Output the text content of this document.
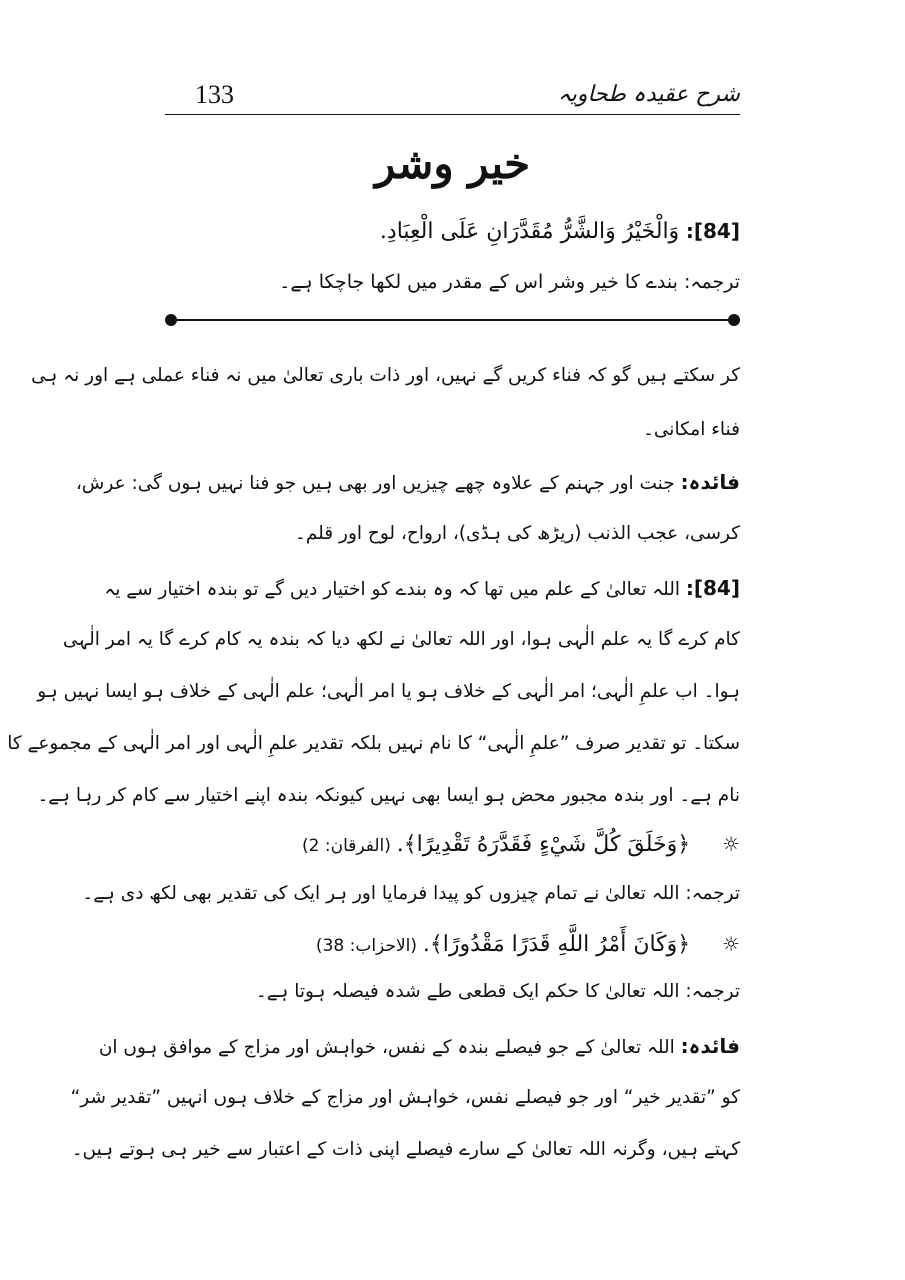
شرح عقیدہ طحاویہ
133
خیر وشر
[84]: وَالْخَيْرُ وَالشَّرُّ مُقَدَّرَانِ عَلَى الْعِبَادِ.
ترجمہ: بندے کا خیر وشر اس کے مقدر میں لکھا جاچکا ہے۔
کر سکتے ہیں گو کہ فناء کریں گے نہیں، اور ذات باری تعالیٰ میں نہ فناء عملی ہے اور نہ ہی
فناء امکانی۔
فائدہ: جنت اور جہنم کے علاوہ چھے چیزیں اور بھی ہیں جو فنا نہیں ہوں گی: عرش،
کرسی، عجب الذنب (ریڑھ کی ہڈی)، ارواح، لوح اور قلم۔
[84]: اللہ تعالیٰ کے علم میں تھا کہ وہ بندے کو اختیار دیں گے تو بندہ اختیار سے یہ
کام کرے گا یہ علم الٰہی ہوا، اور اللہ تعالیٰ نے لکھ دیا کہ بندہ یہ کام کرے گا یہ امر الٰہی
ہوا۔ اب علمِ الٰہی؛ امر الٰہی کے خلاف ہو یا امر الٰہی؛ علم الٰہی کے خلاف ہو ایسا نہیں ہو
سکتا۔ تو تقدیر صرف ”علمِ الٰہی“ کا نام نہیں بلکہ تقدیر علمِ الٰہی اور امر الٰہی کے مجموعے کا
نام ہے۔ اور بندہ مجبور محض ہو ایسا بھی نہیں کیونکہ بندہ اپنے اختیار سے کام کر رہا ہے۔
☼ ﴿وَخَلَقَ كُلَّ شَيْءٍ فَقَدَّرَهُ تَقْدِيرًا﴾. (الفرقان: 2)
ترجمہ: اللہ تعالیٰ نے تمام چیزوں کو پیدا فرمایا اور ہر ایک کی تقدیر بھی لکھ دی ہے۔
☼ ﴿وَكَانَ أَمْرُ اللَّهِ قَدَرًا مَقْدُورًا﴾. (الاحزاب: 38)
ترجمہ: اللہ تعالیٰ کا حکم ایک قطعی طے شدہ فیصلہ ہوتا ہے۔
فائدہ: اللہ تعالیٰ کے جو فیصلے بندہ کے نفس، خواہش اور مزاج کے موافق ہوں ان
کو ”تقدیر خیر“ اور جو فیصلے نفس، خواہش اور مزاج کے خلاف ہوں انہیں ”تقدیر شر“
کہتے ہیں، وگرنہ اللہ تعالیٰ کے سارے فیصلے اپنی ذات کے اعتبار سے خیر ہی ہوتے ہیں۔
